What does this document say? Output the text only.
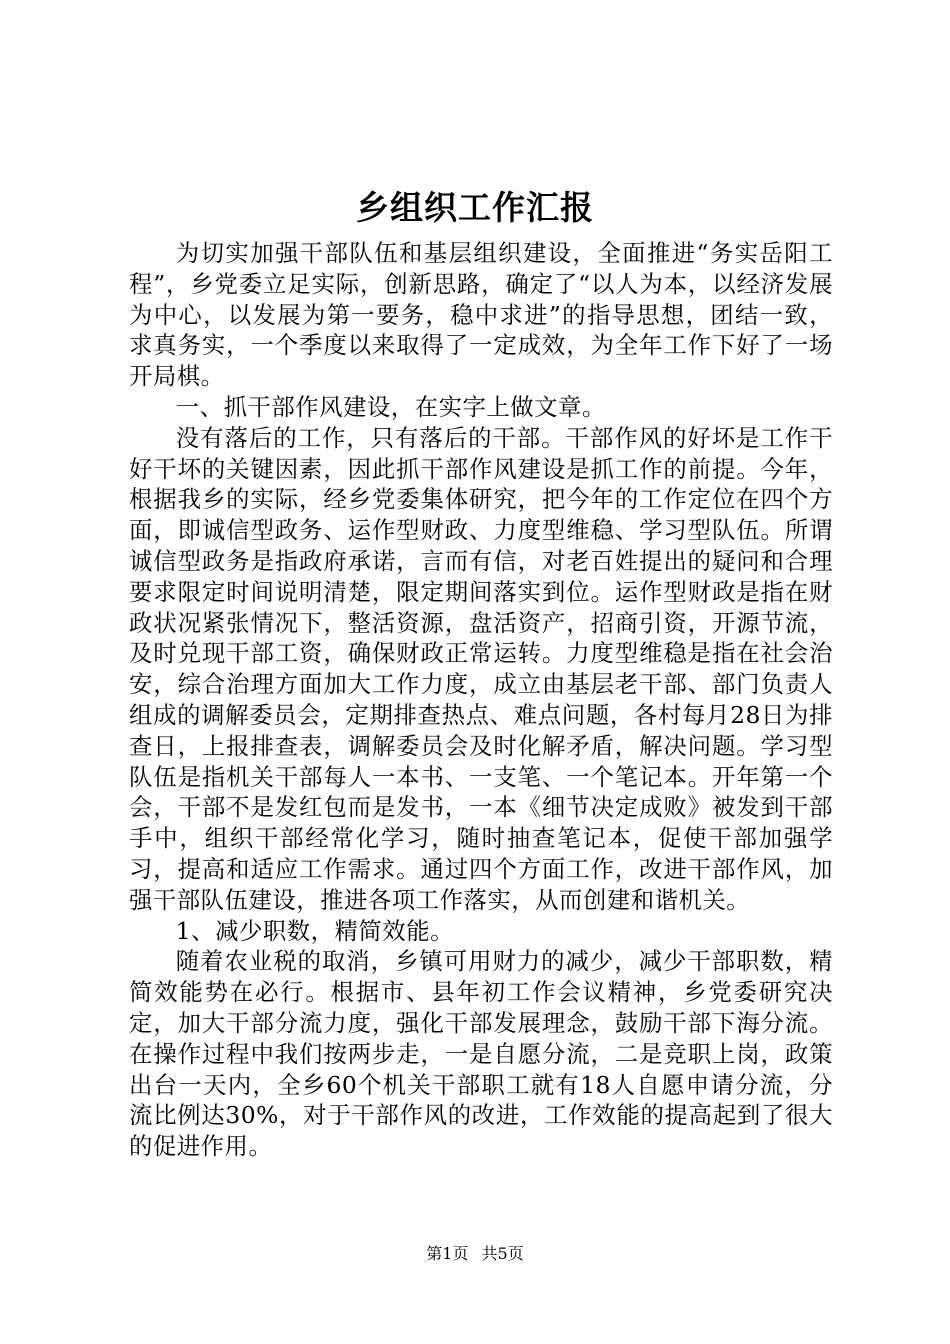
乡组织工作汇报

为切实加强干部队伍和基层组织建设，全面推进“务实岳阳工程”，乡党委立足实际，创新思路，确定了“以人为本，以经济发展为中心，以发展为第一要务，稳中求进”的指导思想，团结一致，求真务实，一个季度以来取得了一定成效，为全年工作下好了一场开局棋。

一、抓干部作风建设，在实字上做文章。

没有落后的工作，只有落后的干部。干部作风的好坏是工作干好干坏的关键因素，因此抓干部作风建设是抓工作的前提。今年，根据我乡的实际，经乡党委集体研究，把今年的工作定位在四个方面，即诚信型政务、运作型财政、力度型维稳、学习型队伍。所谓诚信型政务是指政府承诺，言而有信，对老百姓提出的疑问和合理要求限定时间说明清楚，限定期间落实到位。运作型财政是指在财政状况紧张情况下，整活资源，盘活资产，招商引资，开源节流，及时兑现干部工资，确保财政正常运转。力度型维稳是指在社会治安，综合治理方面加大工作力度，成立由基层老干部、部门负责人组成的调解委员会，定期排查热点、难点问题，各村每月28日为排查日，上报排查表，调解委员会及时化解矛盾，解决问题。学习型队伍是指机关干部每人一本书、一支笔、一个笔记本。开年第一个会，干部不是发红包而是发书，一本《细节决定成败》被发到干部手中，组织干部经常化学习，随时抽查笔记本，促使干部加强学习，提高和适应工作需求。通过四个方面工作，改进干部作风，加强干部队伍建设，推进各项工作落实，从而创建和谐机关。

1、减少职数，精简效能。

随着农业税的取消，乡镇可用财力的减少，减少干部职数，精简效能势在必行。根据市、县年初工作会议精神，乡党委研究决定，加大干部分流力度，强化干部发展理念，鼓励干部下海分流。在操作过程中我们按两步走，一是自愿分流，二是竞职上岗，政策出台一天内，全乡60个机关干部职工就有18人自愿申请分流，分流比例达30%，对于干部作风的改进，工作效能的提高起到了很大的促进作用。

第1页 共5页
